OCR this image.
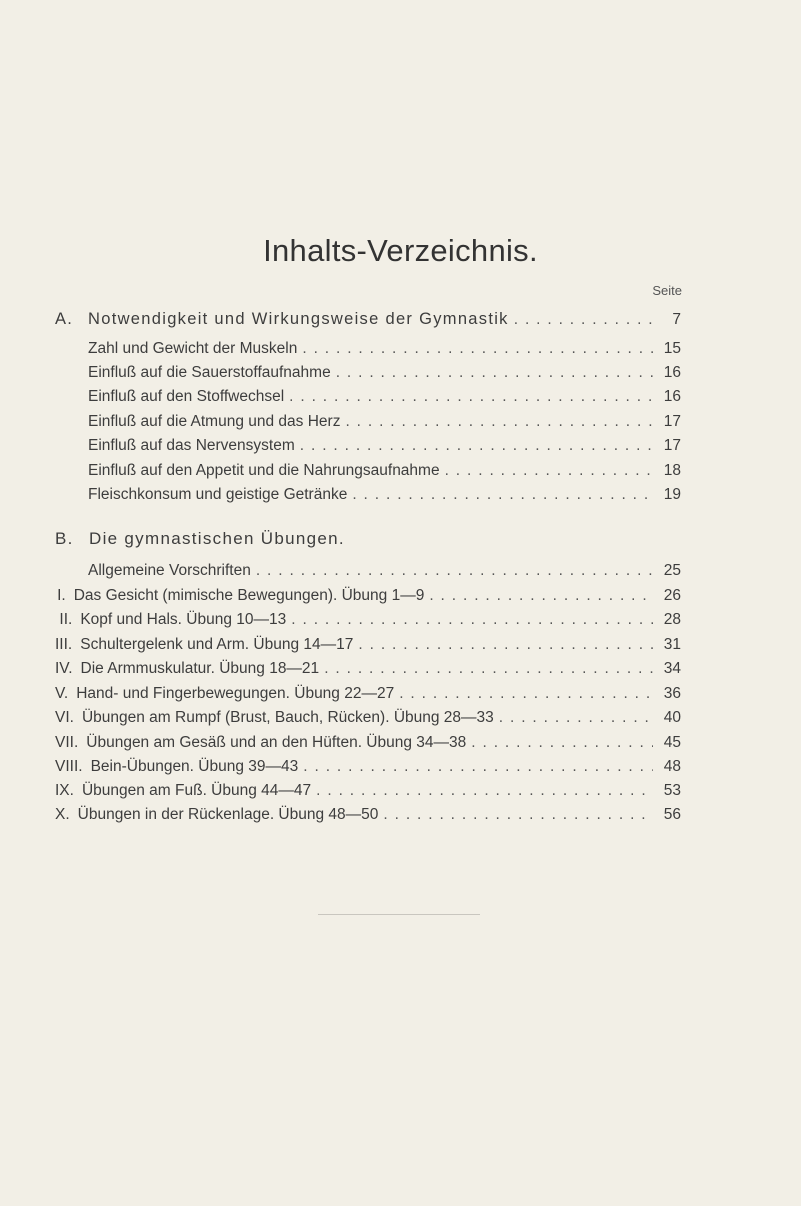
Inhalts-Verzeichnis.
Seite
A. Notwendigkeit und Wirkungsweise der Gymnastik . . .	7
Zahl und Gewicht der Muskeln . . .	15
Einfluß auf die Sauerstoffaufnahme . . .	16
Einfluß auf den Stoffwechsel . . .	16
Einfluß auf die Atmung und das Herz . . .	17
Einfluß auf das Nervensystem . . .	17
Einfluß auf den Appetit und die Nahrungsaufnahme . . .	18
Fleischkonsum und geistige Getränke . . .	19
B. Die gymnastischen Übungen.
Allgemeine Vorschriften . . .	25
I. Das Gesicht (mimische Bewegungen). Übung 1—9 . . .	26
II. Kopf und Hals. Übung 10—13 . . .	28
III. Schultergelenk und Arm. Übung 14—17 . . .	31
IV. Die Armmuskulatur. Übung 18—21 . . .	34
V. Hand- und Fingerbewegungen. Übung 22—27 . . .	36
VI. Übungen am Rumpf (Brust, Bauch, Rücken). Übung 28—33 . . .	40
VII. Übungen am Gesäß und an den Hüften. Übung 34—38 . . .	45
VIII. Bein-Übungen. Übung 39—43 . . .	48
IX. Übungen am Fuß. Übung 44—47 . . .	53
X. Übungen in der Rückenlage. Übung 48—50 . . .	56
